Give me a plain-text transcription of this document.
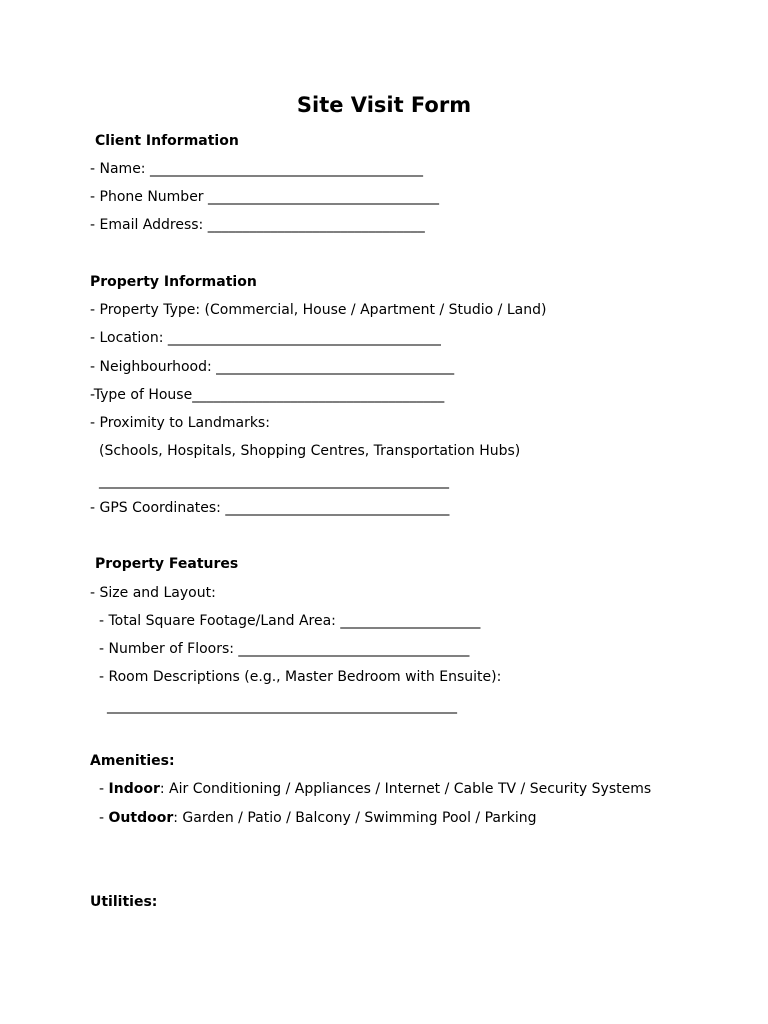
Site Visit Form
Client Information
- Name: _______________________________________
- Phone Number _________________________________
- Email Address: _______________________________
Property Information
- Property Type: (Commercial, House / Apartment / Studio / Land)
- Location: _______________________________________
- Neighbourhood: __________________________________
-Type of House____________________________________
- Proximity to Landmarks:
(Schools, Hospitals, Shopping Centres, Transportation Hubs)
__________________________________________________
- GPS Coordinates: ________________________________
Property Features
- Size and Layout:
- Total Square Footage/Land Area: ____________________
- Number of Floors: _________________________________
- Room Descriptions (e.g., Master Bedroom with Ensuite):
__________________________________________________
Amenities:
- Indoor: Air Conditioning / Appliances / Internet / Cable TV / Security Systems
- Outdoor: Garden / Patio / Balcony / Swimming Pool / Parking
Utilities:
